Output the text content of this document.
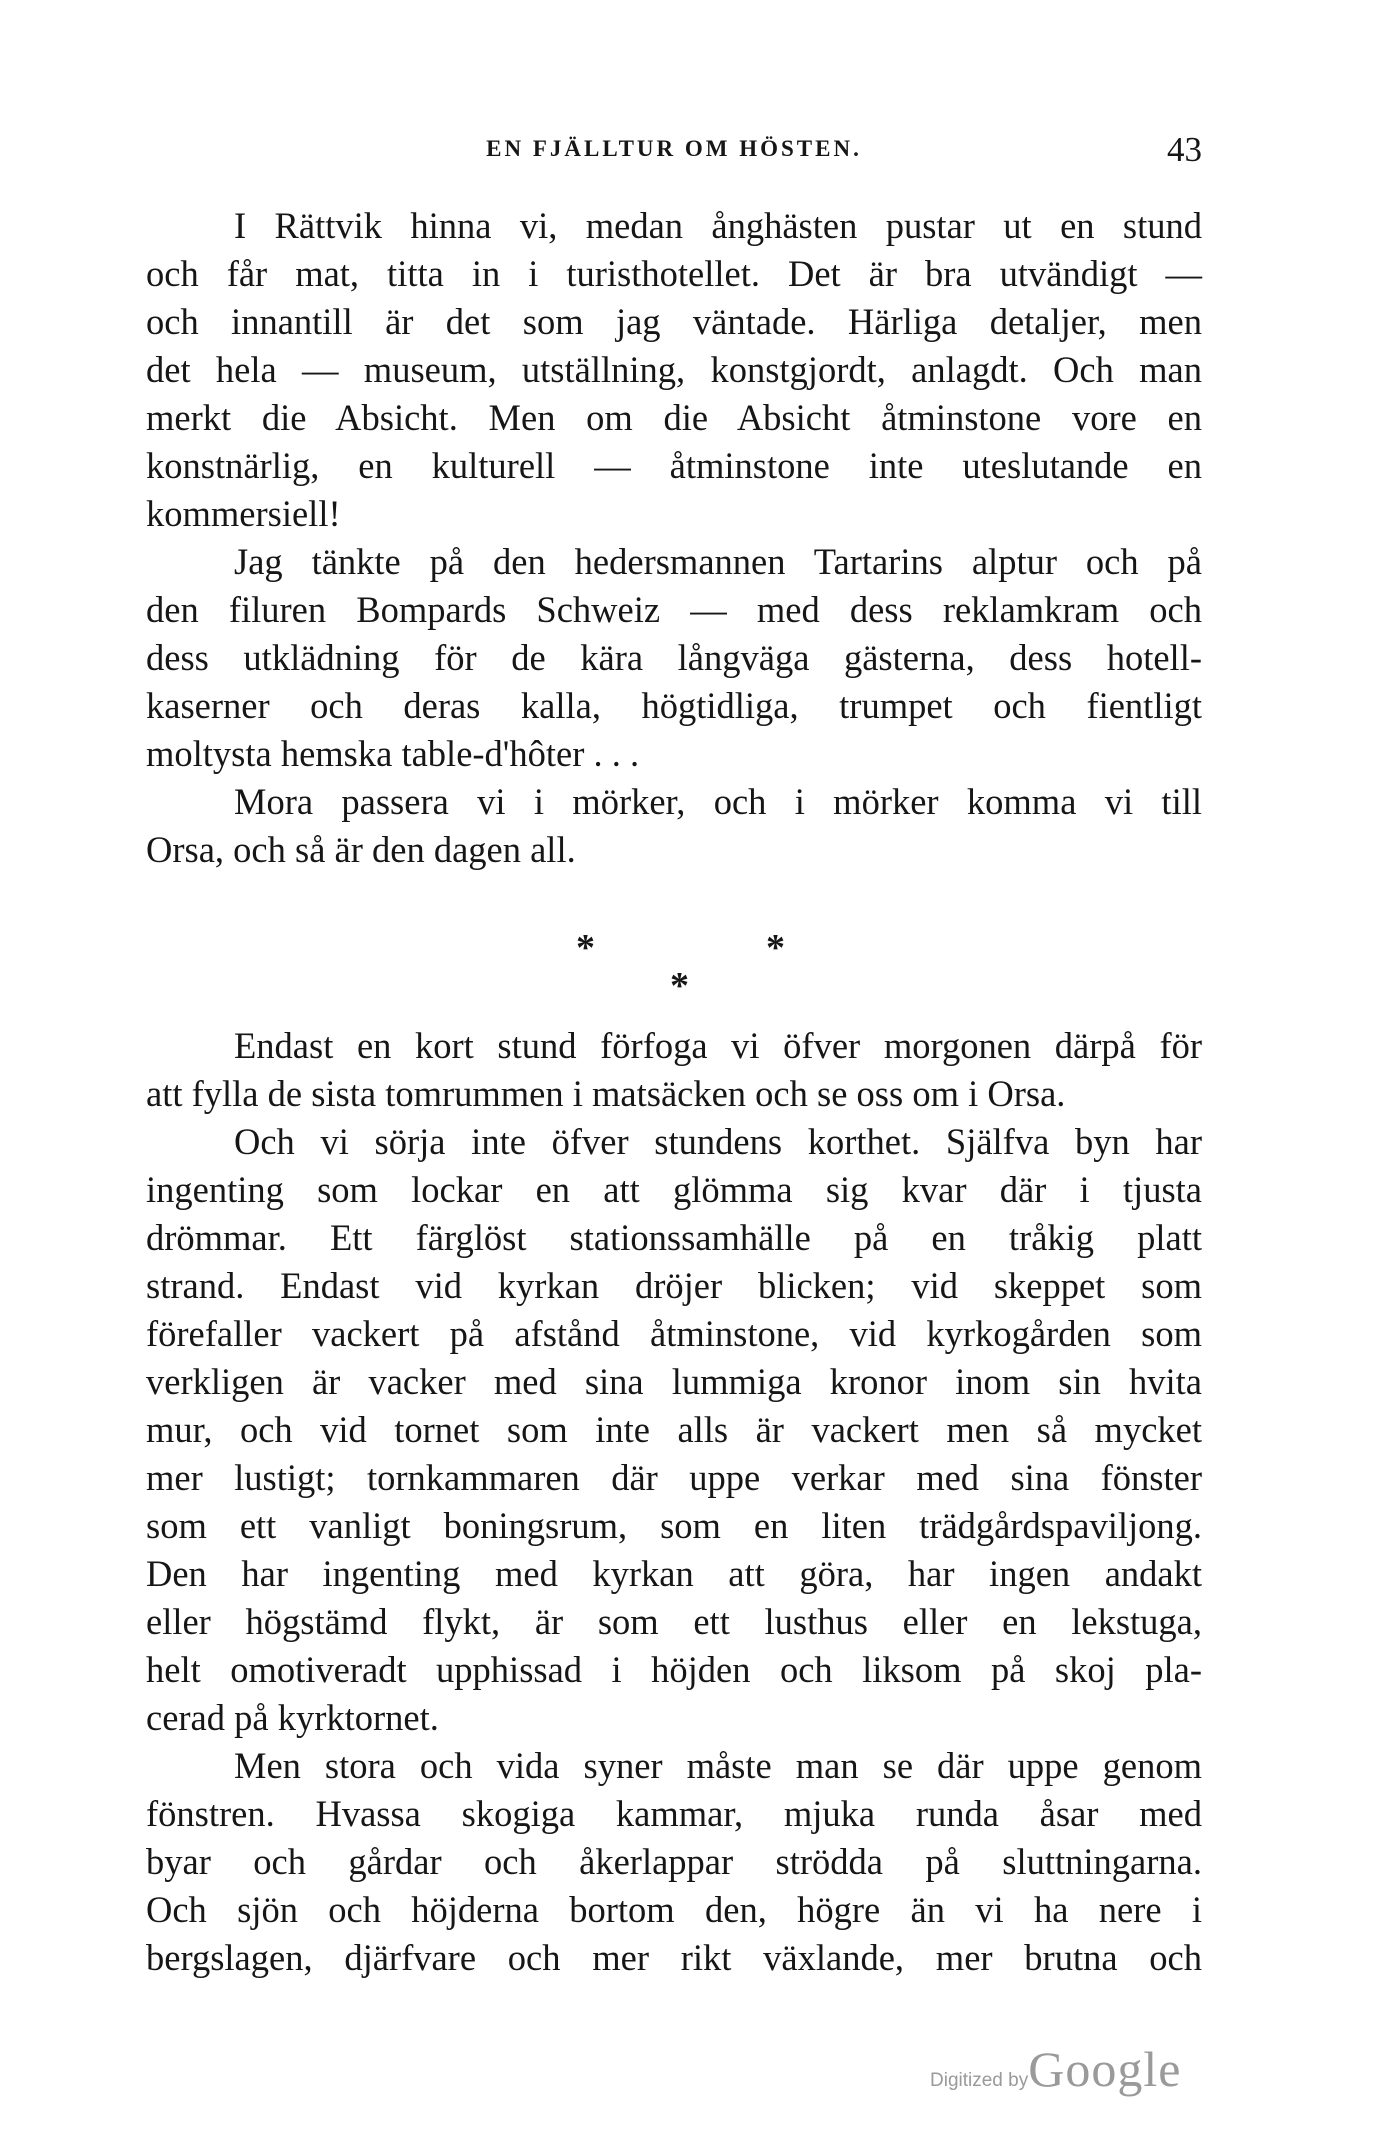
EN FJÄLLTUR OM HÖSTEN.	43
I Rättvik hinna vi, medan ånghästen pustar ut en stund
och får mat, titta in i turisthotellet. Det är bra utvändigt —
och innantill är det som jag väntade. Härliga detaljer, men
det hela — museum, utställning, konstgjordt, anlagdt. Och man
merkt die Absicht. Men om die Absicht åtminstone vore en
konstnärlig, en kulturell — åtminstone inte uteslutande en
kommersiell!
Jag tänkte på den hedersmannen Tartarins alptur och på
den filuren Bompards Schweiz — med dess reklamkram och
dess utklädning för de kära långväga gästerna, dess hotell-
kaserner och deras kalla, högtidliga, trumpet och fientligt
moltysta hemska table-d'hôter . . .
Mora passera vi i mörker, och i mörker komma vi till
Orsa, och så är den dagen all.
*	*
*
Endast en kort stund förfoga vi öfver morgonen därpå för
att fylla de sista tomrummen i matsäcken och se oss om i Orsa.
Och vi sörja inte öfver stundens korthet. Själfva byn har
ingenting som lockar en att glömma sig kvar där i tjusta
drömmar. Ett färglöst stationssamhälle på en tråkig platt
strand. Endast vid kyrkan dröjer blicken; vid skeppet som
förefaller vackert på afstånd åtminstone, vid kyrkogården som
verkligen är vacker med sina lummiga kronor inom sin hvita
mur, och vid tornet som inte alls är vackert men så mycket
mer lustigt; tornkammaren där uppe verkar med sina fönster
som ett vanligt boningsrum, som en liten trädgårdspaviljong.
Den har ingenting med kyrkan att göra, har ingen andakt
eller högstämd flykt, är som ett lusthus eller en lekstuga,
helt omotiveradt upphissad i höjden och liksom på skoj pla-
cerad på kyrktornet.
Men stora och vida syner måste man se där uppe genom
fönstren. Hvassa skogiga kammar, mjuka runda åsar med
byar och gårdar och åkerlappar strödda på sluttningarna.
Och sjön och höjderna bortom den, högre än vi ha nere i
bergslagen, djärfvare och mer rikt växlande, mer brutna och
Digitized byGoogle
